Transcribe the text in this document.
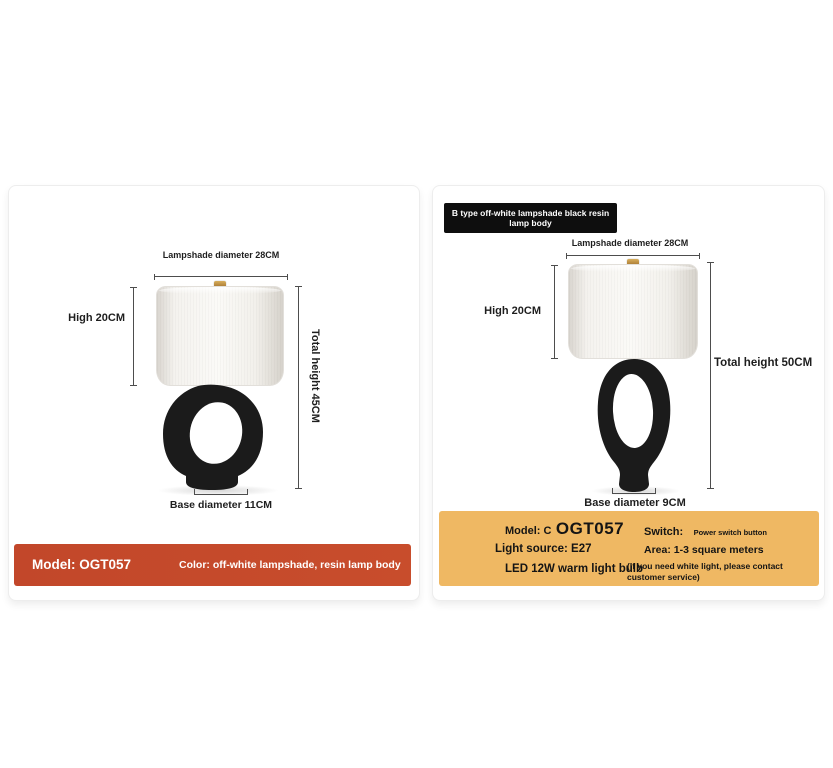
Lampshade diameter 28CM
High 20CM
Total height 45CM
Base diameter 11CM
Model: OGT057	Color: off-white lampshade, resin lamp body
B type off-white lampshade black resin lamp body
Lampshade diameter 28CM
High 20CM
Total height 50CM
Base diameter 9CM
Model: C OGT057 Switch: Power switch button
Light source: E27	Area: 1-3 square meters
LED 12W warm light bulb
(If you need white light, please contact customer service)
